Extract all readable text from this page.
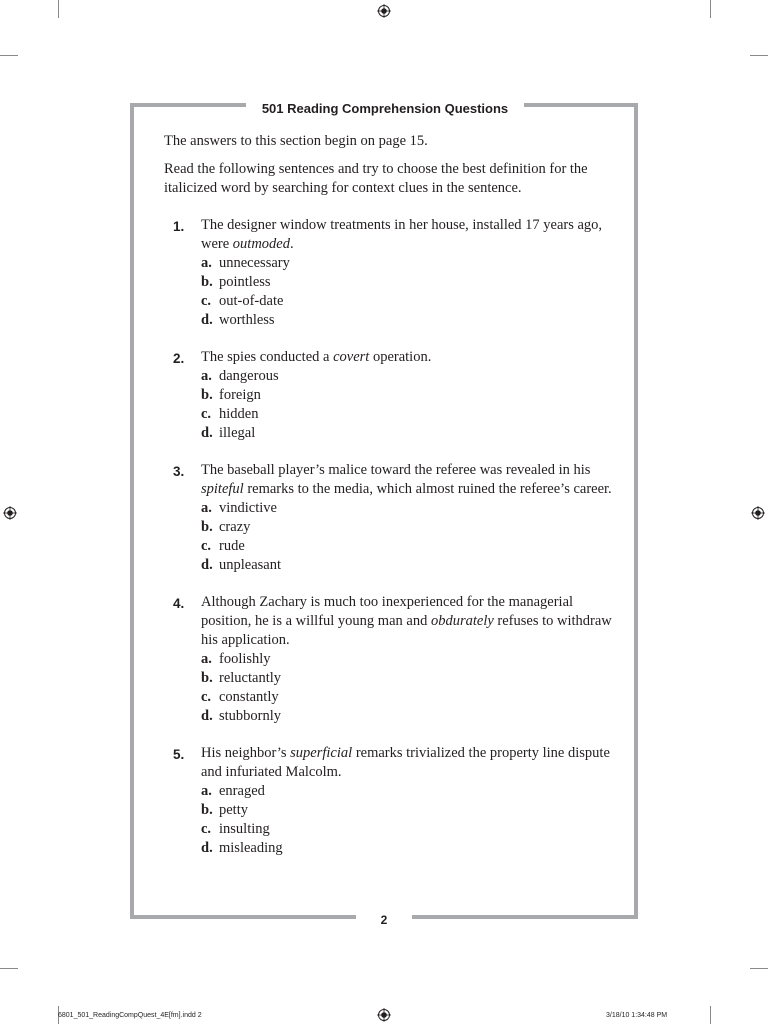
501 Reading Comprehension Questions

The answers to this section begin on page 15.

Read the following sentences and try to choose the best definition for the italicized word by searching for context clues in the sentence.

1. The designer window treatments in her house, installed 17 years ago, were outmoded.
a. unnecessary
b. pointless
c. out-of-date
d. worthless
2. The spies conducted a covert operation.
a. dangerous
b. foreign
c. hidden
d. illegal
3. The baseball player’s malice toward the referee was revealed in his spiteful remarks to the media, which almost ruined the referee’s career.
a. vindictive
b. crazy
c. rude
d. unpleasant
4. Although Zachary is much too inexperienced for the managerial position, he is a willful young man and obdurately refuses to withdraw his application.
a. foolishly
b. reluctantly
c. constantly
d. stubbornly
5. His neighbor’s superficial remarks trivialized the property line dispute and infuriated Malcolm.
a. enraged
b. petty
c. insulting
d. misleading
2
6801_501_ReadingCompQuest_4E[fm].indd 2	3/18/10 1:34:48 PM
